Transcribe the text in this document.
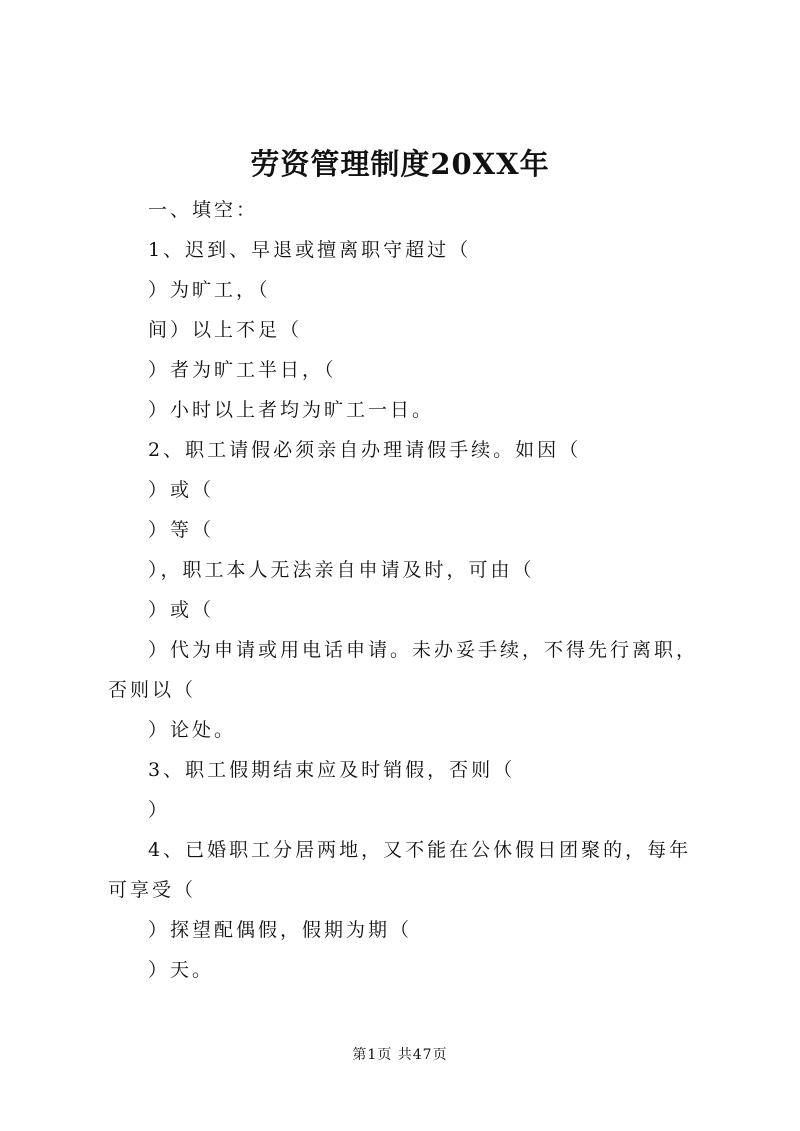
劳资管理制度20XX年

一、填空：

1、迟到、早退或擅离职守超过（

）为旷工，（

间）以上不足（

）者为旷工半日，（

）小时以上者均为旷工一日。

2、职工请假必须亲自办理请假手续。如因（

）或（

）等（

），职工本人无法亲自申请及时，可由（

）或（

）代为申请或用电话申请。未办妥手续，不得先行离职，否则以（

）论处。

3、职工假期结束应及时销假，否则（

）

4、已婚职工分居两地，又不能在公休假日团聚的，每年可享受（

）探望配偶假，假期为期（

）天。

第1页 共47页
